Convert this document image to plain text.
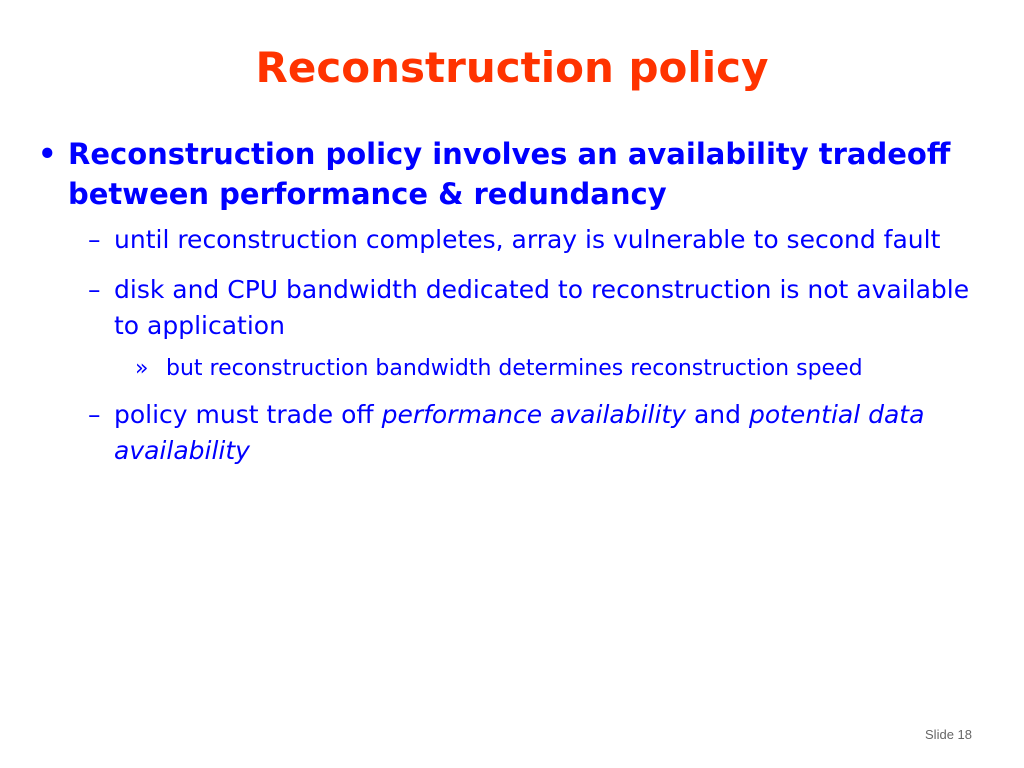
Reconstruction policy
• Reconstruction policy involves an availability tradeoff between performance & redundancy
– until reconstruction completes, array is vulnerable to second fault
– disk and CPU bandwidth dedicated to reconstruction is not available to application
» but reconstruction bandwidth determines reconstruction speed
– policy must trade off performance availability and potential data availability
Slide 18
